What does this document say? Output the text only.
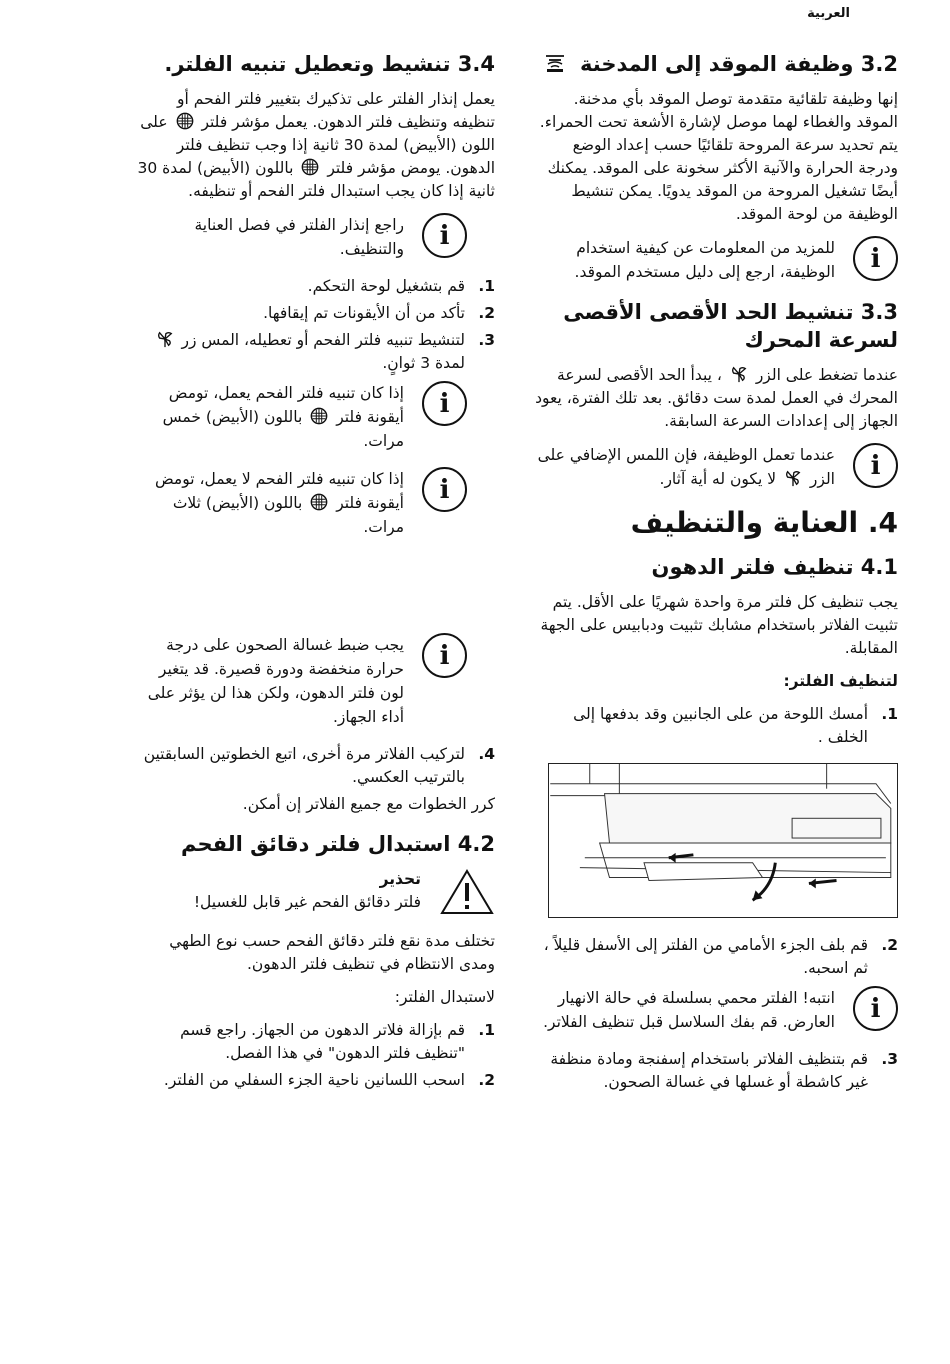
العربية
3.2 وظيفة الموقد إلى المدخنة
إنها وظيفة تلقائية متقدمة توصل الموقد بأي مدخنة. الموقد والغطاء لهما موصل لإشارة الأشعة تحت الحمراء. يتم تحديد سرعة المروحة تلقائيًا حسب إعداد الوضع ودرجة الحرارة والآنية الأكثر سخونة على الموقد. يمكنك أيضًا تشغيل المروحة من الموقد يدويًا. يمكن تنشيط الوظيفة من لوحة الموقد.
i
للمزيد من المعلومات عن كيفية استخدام الوظيفة، ارجع إلى دليل مستخدم الموقد.
3.3 تنشيط الحد الأقصى الأقصى لسرعة المحرك
عندما تضغط على الزر  ، يبدأ الحد الأقصى لسرعة المحرك في العمل لمدة ست دقائق. بعد تلك الفترة، يعود الجهاز إلى إعدادات السرعة السابقة.
i
عندما تعمل الوظيفة، فإن اللمس الإضافي على الزر  لا يكون له أية آثار.
4. العناية والتنظيف
4.1 تنظيف فلتر الدهون
يجب تنظيف كل فلتر مرة واحدة شهريًا على الأقل. يتم تثبيت الفلاتر باستخدام مشابك تثبيت ودبابيس على الجهة المقابلة.
لتنظيف الفلتر:
1.
أمسك اللوحة من على الجانبين وقد بدفعها إلى الخلف .
2.
قم بلف الجزء الأمامي من الفلتر إلى الأسفل قليلاً ، ثم اسحبه.
i
انتبه! الفلتر محمي بسلسلة في حالة الانهيار العارض. قم بفك السلاسل قبل تنظيف الفلاتر.
3.
قم بتنظيف الفلاتر باستخدام إسفنجة ومادة منظفة غير كاشطة أو غسلها في غسالة الصحون.
3.4 تنشيط وتعطيل تنبيه الفلتر.
يعمل إنذار الفلتر على تذكيرك بتغيير فلتر الفحم أو تنظيفه وتنظيف فلتر الدهون. يعمل مؤشر فلتر  على اللون (الأبيض) لمدة 30 ثانية إذا وجب تنظيف فلتر الدهون. يومض مؤشر فلتر  باللون (الأبيض) لمدة 30 ثانية إذا كان يجب استبدال فلتر الفحم أو تنظيفه.
i
راجع إنذار الفلتر في فصل العناية والتنظيف.
1.
قم بتشغيل لوحة التحكم.
2.
تأكد من أن الأيقونات تم إيقافها.
3.
لتنشيط تنبيه فلتر الفحم أو تعطيله، المس زر  لمدة 3 ثوانٍ.
i
إذا كان تنبيه فلتر الفحم يعمل، تومض أيقونة فلتر  باللون (الأبيض) خمس مرات.
i
إذا كان تنبيه فلتر الفحم لا يعمل، تومض أيقونة فلتر  باللون (الأبيض) ثلاث مرات.
i
يجب ضبط غسالة الصحون على درجة حرارة منخفضة ودورة قصيرة. قد يتغير لون فلتر الدهون، ولكن هذا لن يؤثر على أداء الجهاز.
4.
لتركيب الفلاتر مرة أخرى، اتبع الخطوتين السابقتين بالترتيب العكسي.
كرر الخطوات مع جميع الفلاتر إن أمكن.
4.2 استبدال فلتر دقائق الفحم
تحذير
فلتر دقائق الفحم غير قابل للغسيل!
تختلف مدة نقع فلتر دقائق الفحم حسب نوع الطهي ومدى الانتظام في تنظيف فلتر الدهون.
لاستبدال الفلتر:
1.
قم بإزالة فلاتر الدهون من الجهاز. راجع قسم "تنظيف فلتر الدهون" في هذا الفصل.
2.
اسحب اللسانين ناحية الجزء السفلي من الفلتر.
